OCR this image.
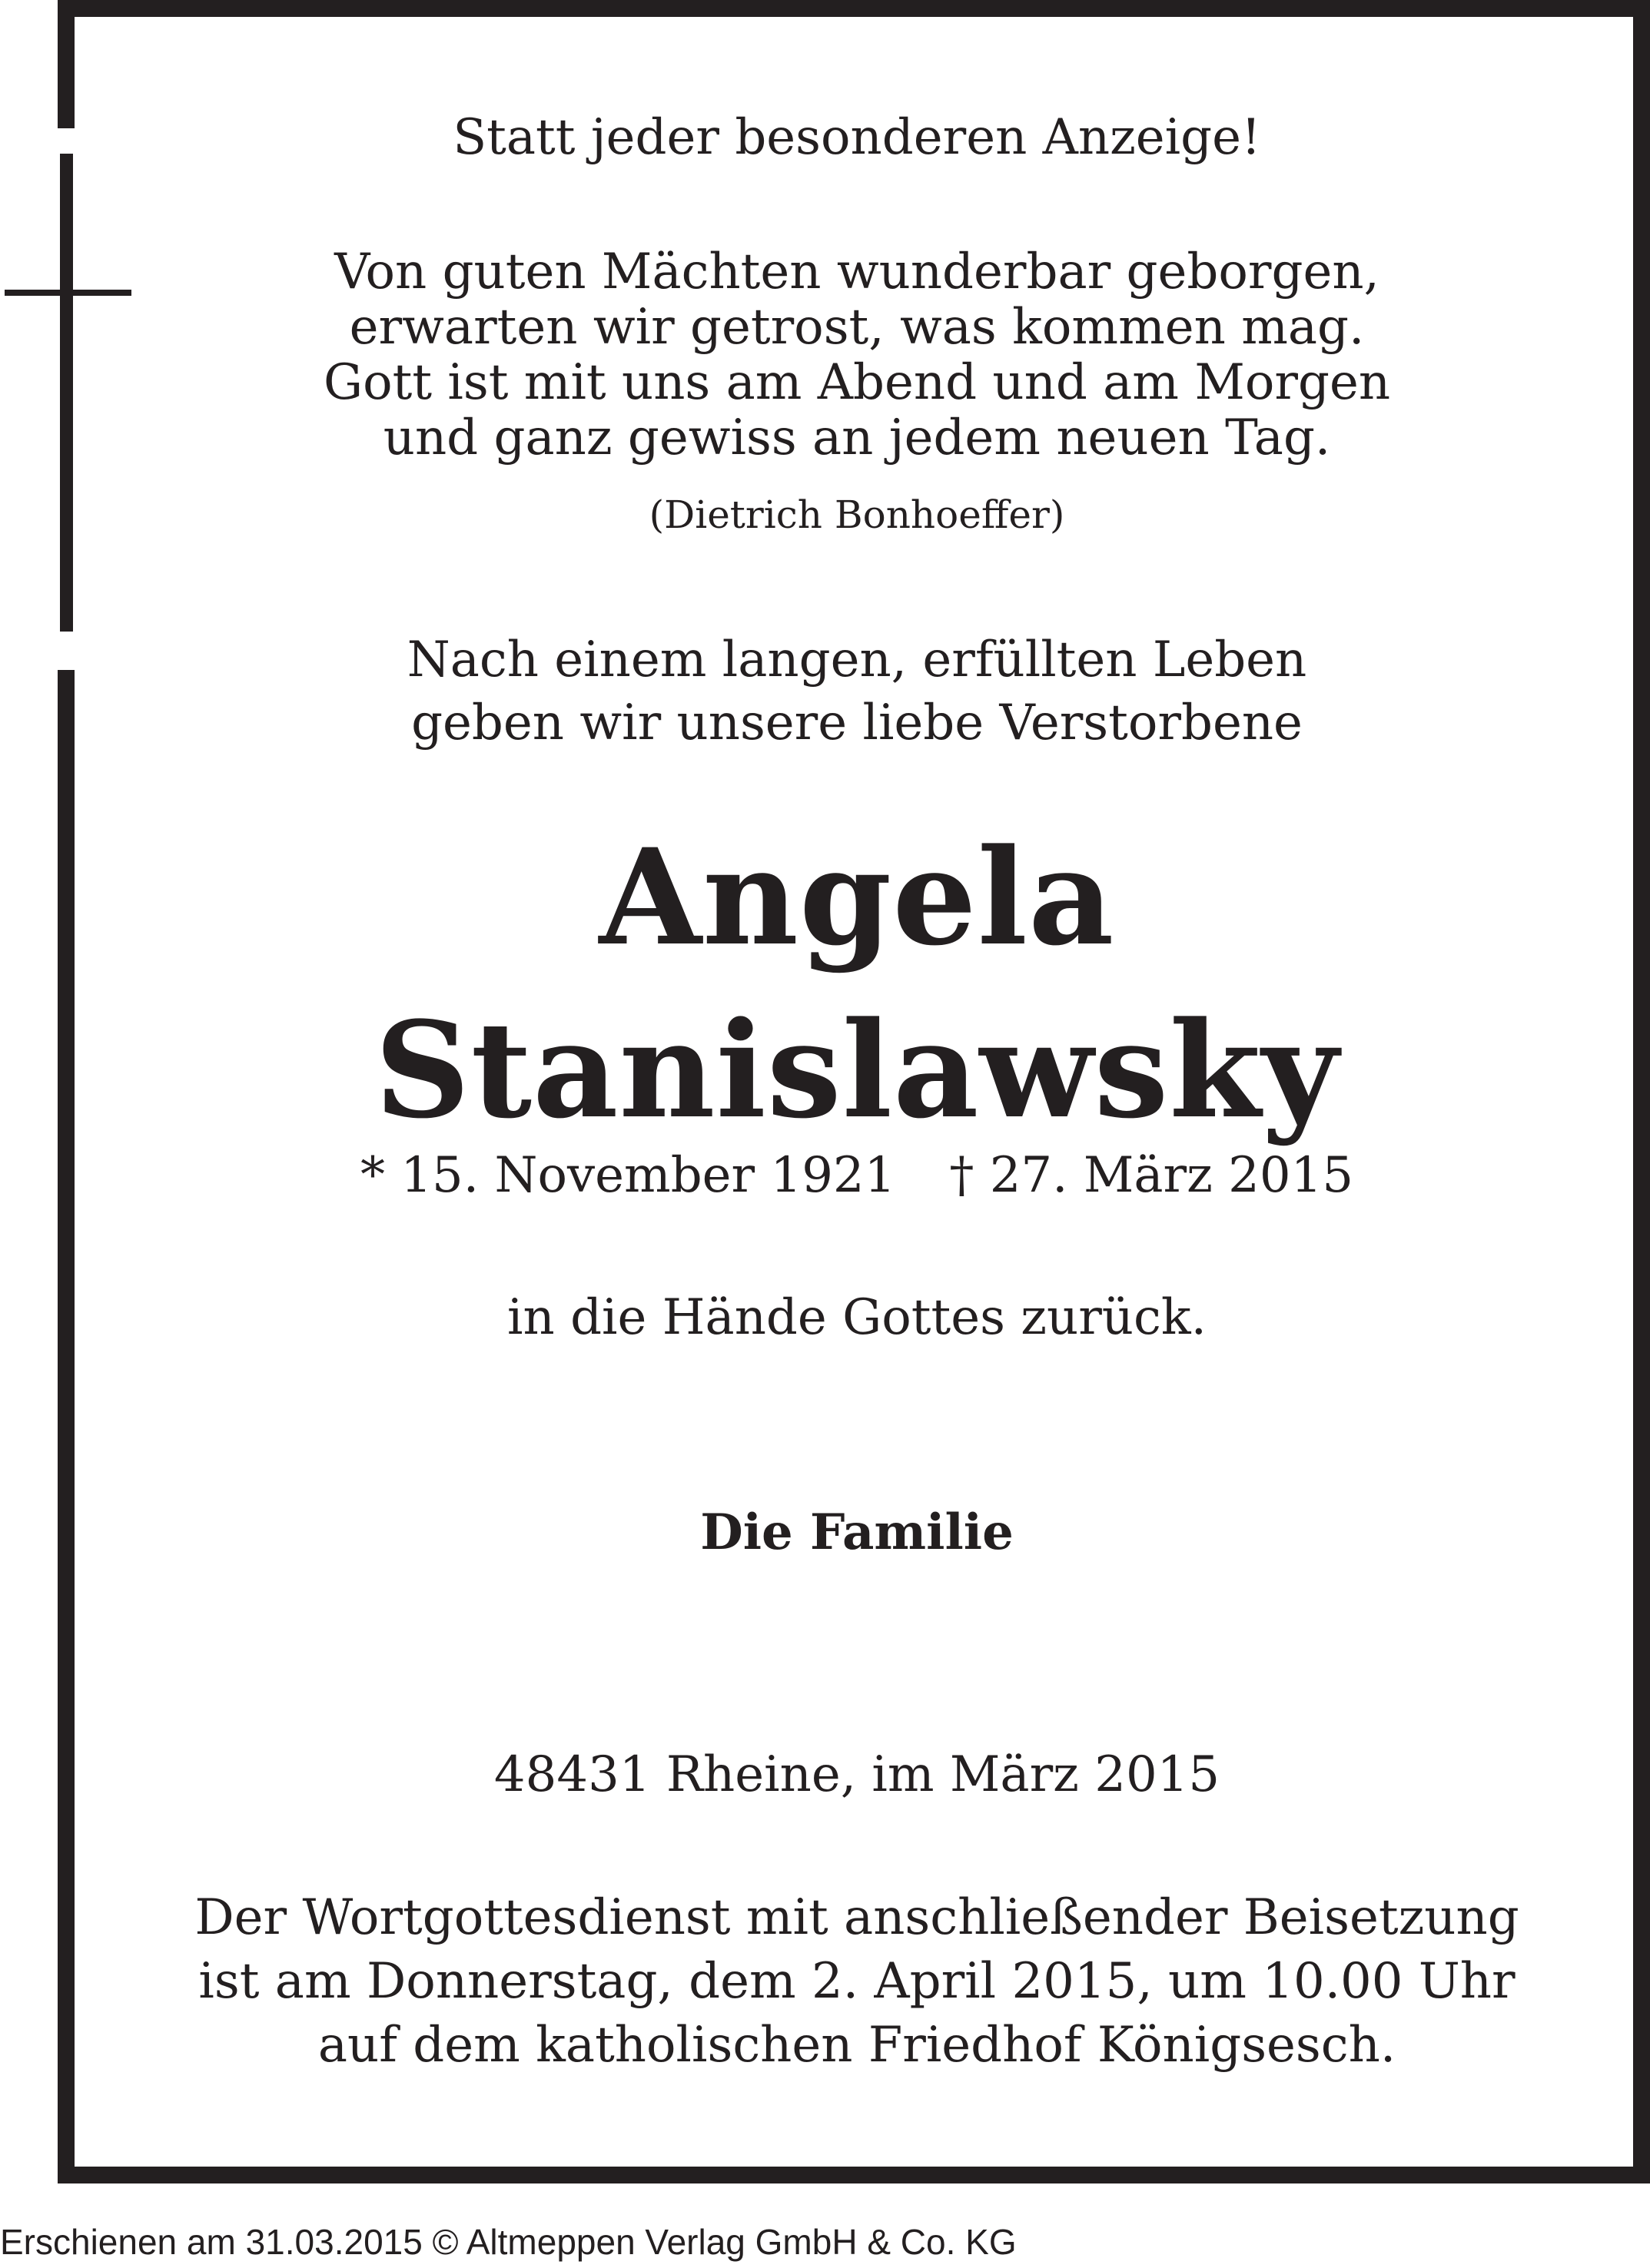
Statt jeder besonderen Anzeige!
Von guten Mächten wunderbar geborgen,
erwarten wir getrost, was kommen mag.
Gott ist mit uns am Abend und am Morgen
und ganz gewiss an jedem neuen Tag.
(Dietrich Bonhoeffer)
Nach einem langen, erfüllten Leben
geben wir unsere liebe Verstorbene
Angela
Stanislawsky
* 15. November 1921 † 27. März 2015
in die Hände Gottes zurück.
Die Familie
48431 Rheine, im März 2015
Der Wortgottesdienst mit anschließender Beisetzung
ist am Donnerstag, dem 2. April 2015, um 10.00 Uhr
auf dem katholischen Friedhof Königsesch.
Erschienen am 31.03.2015 © Altmeppen Verlag GmbH & Co. KG
